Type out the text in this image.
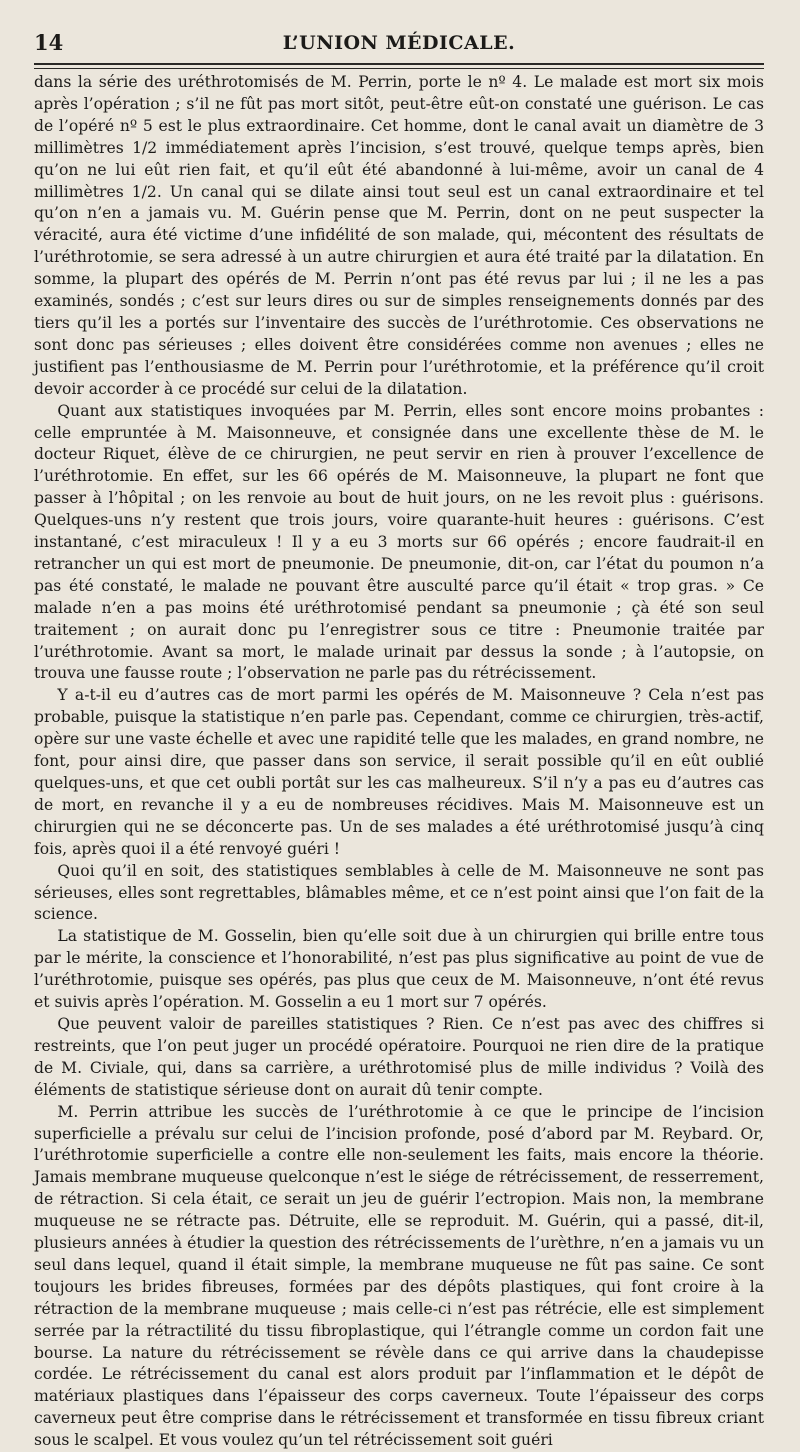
14	L’UNION MÉDICALE.

dans la série des uréthrotomisés de M. Perrin, porte le nº 4. Le malade est mort six mois après l’opération ; s’il ne fût pas mort sitôt, peut-être eût-on constaté une guérison. Le cas de l’opéré nº 5 est le plus extraordinaire. Cet homme, dont le canal avait un diamètre de 3 millimètres 1/2 immédiatement après l’incision, s’est trouvé, quelque temps après, bien qu’on ne lui eût rien fait, et qu’il eût été abandonné à lui-même, avoir un canal de 4 millimètres 1/2. Un canal qui se dilate ainsi tout seul est un canal extraordinaire et tel qu’on n’en a jamais vu. M. Guérin pense que M. Perrin, dont on ne peut suspecter la véracité, aura été victime d’une infidélité de son malade, qui, mécontent des résultats de l’uréthrotomie, se sera adressé à un autre chirurgien et aura été traité par la dilatation. En somme, la plupart des opérés de M. Perrin n’ont pas été revus par lui ; il ne les a pas examinés, sondés ; c’est sur leurs dires ou sur de simples renseignements donnés par des tiers qu’il les a portés sur l’inventaire des succès de l’uréthrotomie. Ces observations ne sont donc pas sérieuses ; elles doivent être considérées comme non avenues ; elles ne justifient pas l’enthousiasme de M. Perrin pour l’uréthrotomie, et la préférence qu’il croit devoir accorder à ce procédé sur celui de la dilatation.

Quant aux statistiques invoquées par M. Perrin, elles sont encore moins probantes : celle empruntée à M. Maisonneuve, et consignée dans une excellente thèse de M. le docteur Riquet, élève de ce chirurgien, ne peut servir en rien à prouver l’excellence de l’uréthrotomie. En effet, sur les 66 opérés de M. Maisonneuve, la plupart ne font que passer à l’hôpital ; on les renvoie au bout de huit jours, on ne les revoit plus : guérisons. Quelques-uns n’y restent que trois jours, voire quarante-huit heures : guérisons. C’est instantané, c’est miraculeux ! Il y a eu 3 morts sur 66 opérés ; encore faudrait-il en retrancher un qui est mort de pneumonie. De pneumonie, dit-on, car l’état du poumon n’a pas été constaté, le malade ne pouvant être ausculté parce qu’il était « trop gras. » Ce malade n’en a pas moins été uréthrotomisé pendant sa pneumonie ; çà été son seul traitement ; on aurait donc pu l’enregistrer sous ce titre : Pneumonie traitée par l’uréthrotomie. Avant sa mort, le malade urinait par dessus la sonde ; à l’autopsie, on trouva une fausse route ; l’observation ne parle pas du rétrécissement.

Y a-t-il eu d’autres cas de mort parmi les opérés de M. Maisonneuve ? Cela n’est pas probable, puisque la statistique n’en parle pas. Cependant, comme ce chirurgien, très-actif, opère sur une vaste échelle et avec une rapidité telle que les malades, en grand nombre, ne font, pour ainsi dire, que passer dans son service, il serait possible qu’il en eût oublié quelques-uns, et que cet oubli portât sur les cas malheureux. S’il n’y a pas eu d’autres cas de mort, en revanche il y a eu de nombreuses récidives. Mais M. Maisonneuve est un chirurgien qui ne se déconcerte pas. Un de ses malades a été uréthrotomisé jusqu’à cinq fois, après quoi il a été renvoyé guéri !

Quoi qu’il en soit, des statistiques semblables à celle de M. Maisonneuve ne sont pas sérieuses, elles sont regrettables, blâmables même, et ce n’est point ainsi que l’on fait de la science.

La statistique de M. Gosselin, bien qu’elle soit due à un chirurgien qui brille entre tous par le mérite, la conscience et l’honorabilité, n’est pas plus significative au point de vue de l’uréthrotomie, puisque ses opérés, pas plus que ceux de M. Maisonneuve, n’ont été revus et suivis après l’opération. M. Gosselin a eu 1 mort sur 7 opérés.

Que peuvent valoir de pareilles statistiques ? Rien. Ce n’est pas avec des chiffres si restreints, que l’on peut juger un procédé opératoire. Pourquoi ne rien dire de la pratique de M. Civiale, qui, dans sa carrière, a uréthrotomisé plus de mille individus ? Voilà des éléments de statistique sérieuse dont on aurait dû tenir compte.

M. Perrin attribue les succès de l’uréthrotomie à ce que le principe de l’incision superficielle a prévalu sur celui de l’incision profonde, posé d’abord par M. Reybard. Or, l’uréthrotomie superficielle a contre elle non-seulement les faits, mais encore la théorie. Jamais membrane muqueuse quelconque n’est le siége de rétrécissement, de resserrement, de rétraction. Si cela était, ce serait un jeu de guérir l’ectropion. Mais non, la membrane muqueuse ne se rétracte pas. Détruite, elle se reproduit. M. Guérin, qui a passé, dit-il, plusieurs années à étudier la question des rétrécissements de l’urèthre, n’en a jamais vu un seul dans lequel, quand il était simple, la membrane muqueuse ne fût pas saine. Ce sont toujours les brides fibreuses, formées par des dépôts plastiques, qui font croire à la rétraction de la membrane muqueuse ; mais celle-ci n’est pas rétrécie, elle est simplement serrée par la rétractilité du tissu fibroplastique, qui l’étrangle comme un cordon fait une bourse. La nature du rétrécissement se révèle dans ce qui arrive dans la chaudepisse cordée. Le rétrécissement du canal est alors produit par l’inflammation et le dépôt de matériaux plastiques dans l’épaisseur des corps caverneux. Toute l’épaisseur des corps caverneux peut être comprise dans le rétrécissement et transformée en tissu fibreux criant sous le scalpel. Et vous voulez qu’un tel rétrécissement soit guéri
